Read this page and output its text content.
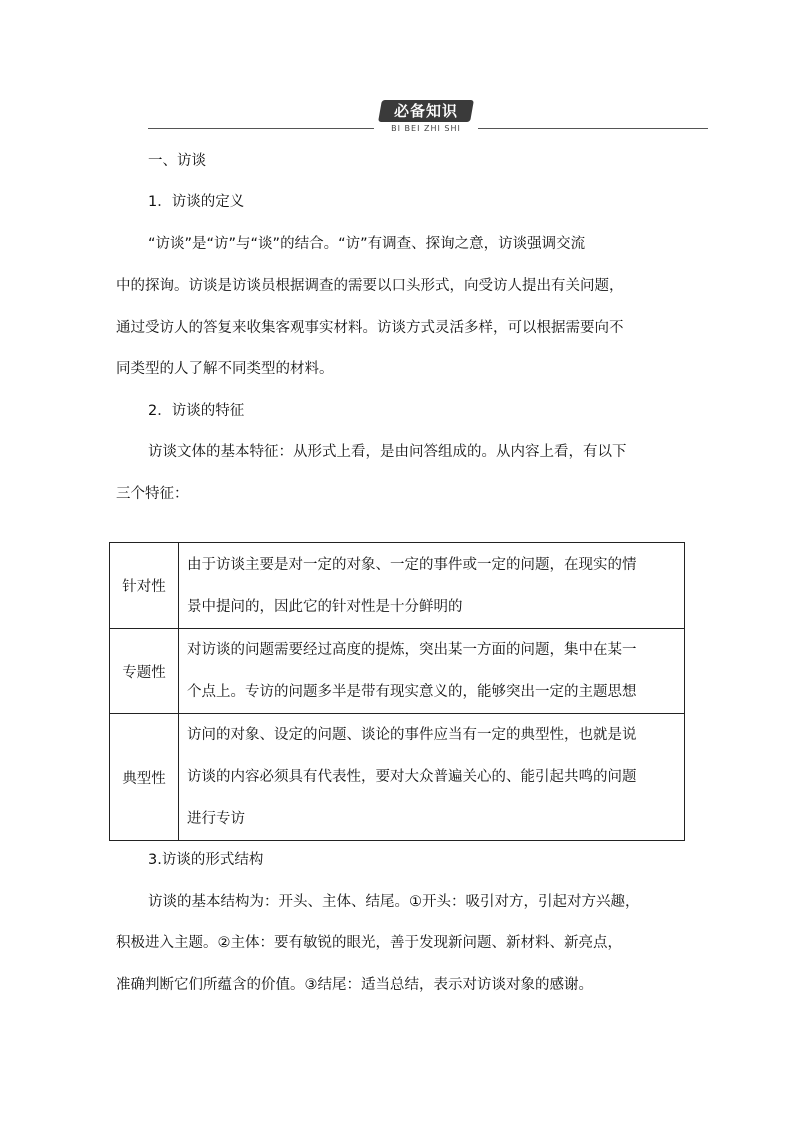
必备知识
BI BEI ZHI SHI
一、访谈
1．访谈的定义
“访谈”是“访”与“谈”的结合。“访”有调查、探询之意，访谈强调交流
中的探询。访谈是访谈员根据调查的需要以口头形式，向受访人提出有关问题，
通过受访人的答复来收集客观事实材料。访谈方式灵活多样，可以根据需要向不
同类型的人了解不同类型的材料。
2．访谈的特征
访谈文体的基本特征：从形式上看，是由问答组成的。从内容上看，有以下
三个特征：
针对性	由于访谈主要是对一定的对象、一定的事件或一定的问题，在现实的情
景中提问的，因此它的针对性是十分鲜明的

专题性	对访谈的问题需要经过高度的提炼，突出某一方面的问题，集中在某一
个点上。专访的问题多半是带有现实意义的，能够突出一定的主题思想

典型性	访问的对象、设定的问题、谈论的事件应当有一定的典型性，也就是说
访谈的内容必须具有代表性，要对大众普遍关心的、能引起共鸣的问题
进行专访
3.访谈的形式结构
访谈的基本结构为：开头、主体、结尾。①开头：吸引对方，引起对方兴趣，
积极进入主题。②主体：要有敏锐的眼光，善于发现新问题、新材料、新亮点，
准确判断它们所蕴含的价值。③结尾：适当总结，表示对访谈对象的感谢。
